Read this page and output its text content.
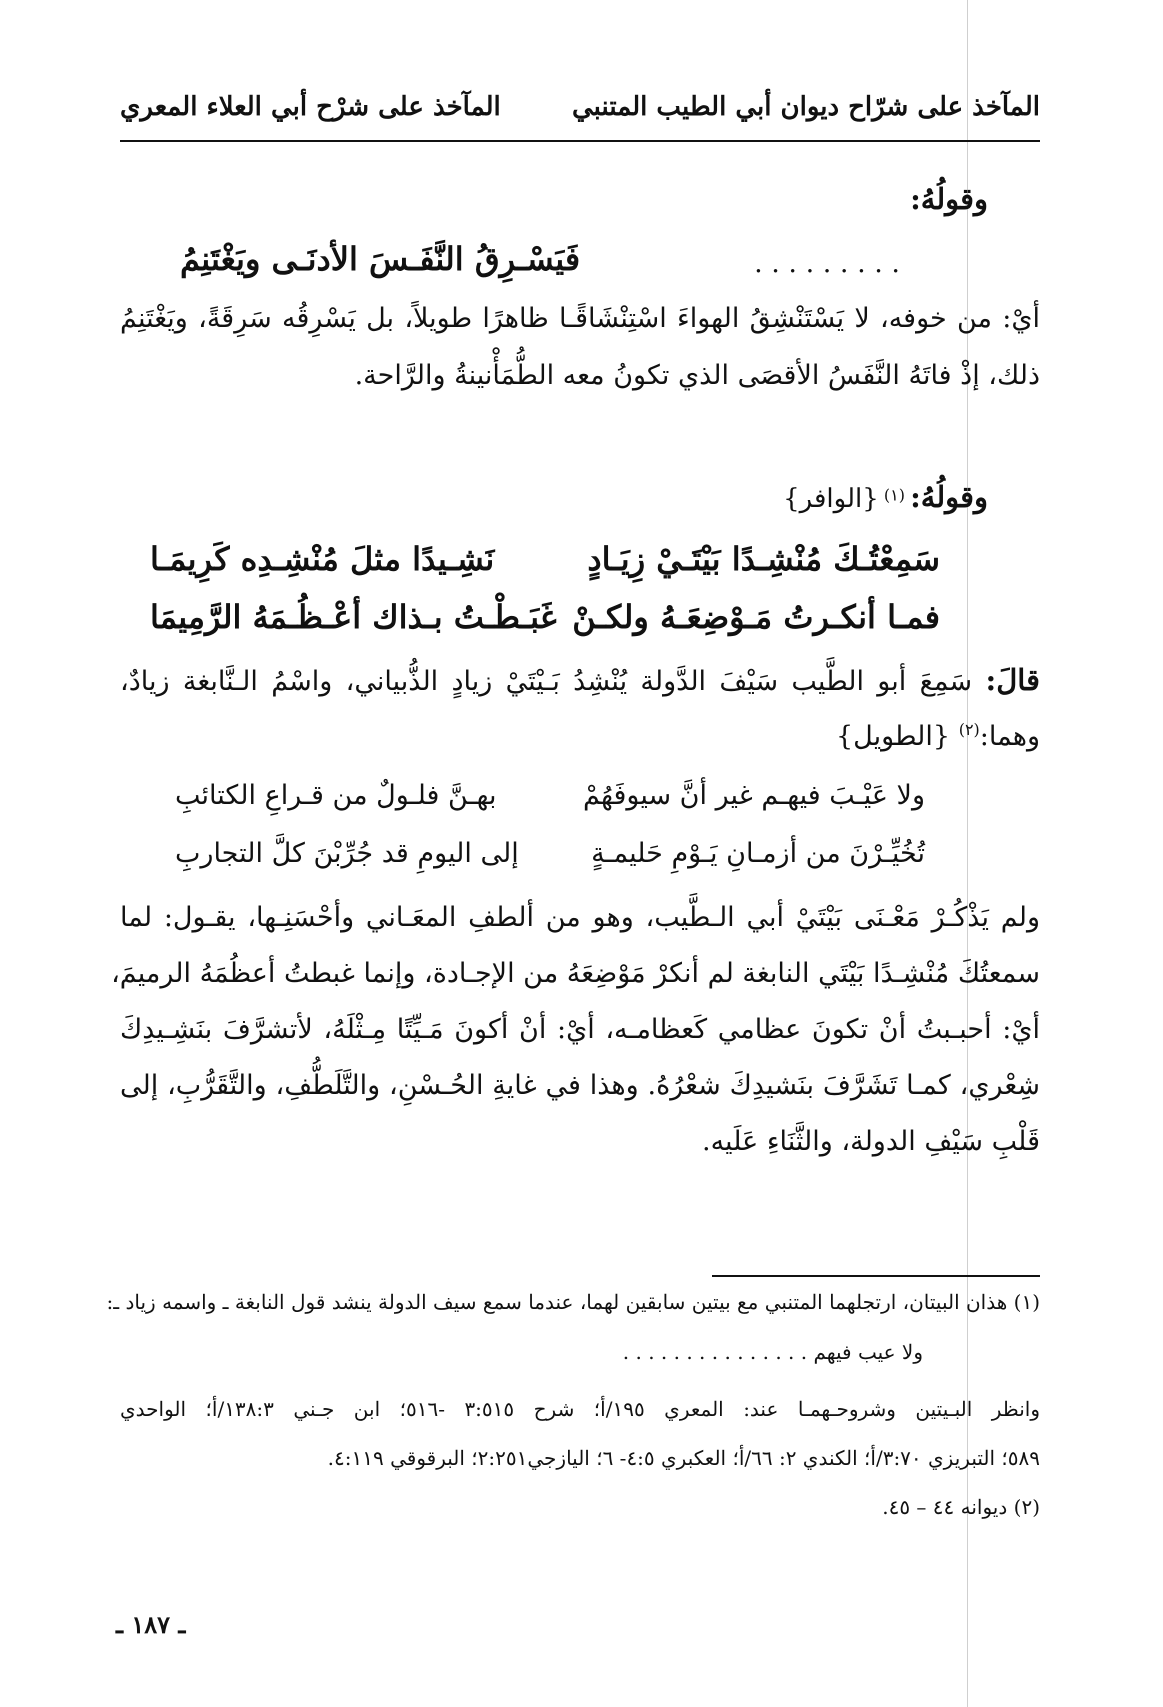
المآخذ على شرّاح ديوان أبي الطيب المتنبي
المآخذ على شرْح أبي العلاء المعري
وقولُهُ:
فَيَسْـرِقُ النَّفَـسَ الأدنَـى ويَغْتَنِمُ	. . . . . . . . .
أيْ: من خوفه، لا يَسْتَنْشِقُ الهواءَ اسْتِنْشَاقًـا ظاهرًا طويلاً، بل يَسْرِقُه سَرِقَةً، ويَغْتَنِمُ
ذلك، إذْ فاتَهُ النَّفَسُ الأقصَى الذي تكونُ معه الطُّمَأْنينةُ والرَّاحة.
وقولُهُ: $^{(١)}$ {الوافر}
سَمِعْتُـكَ مُنْشِـدًا بَيْتَـيْ زِيَـادٍ
نَشِـيدًا مثلَ مُنْشِـدِه كَرِيمَـا
فمـا أنكـرتُ مَـوْضِعَـهُ ولكـنْ
غَبَـطْـتُ بـذاك أعْـظُـمَهُ الرَّمِيمَا
قالَ: سَمِعَ أبو الطَّيب سَيْفَ الدَّولة يُنْشِدُ بَـيْتَيْ زيادٍ الذُّبياني، واسْمُ الـنَّابغة زيادٌ،
وهما:$^{(٢)}$ {الطويل}
ولا عَيْـبَ فيهـم غير أنَّ سيوفَهُمْ
بهـنَّ فلـولٌ من قـراعِ الكتائبِ
تُخُيِّـرْنَ من أزمـانِ يَـوْمِ حَليمـةٍ
إلى اليومِ قد جُرِّبْنَ كلَّ التجاربِ
ولم يَذْكُـرْ مَعْـنَى بَيْتَيْ أبي الـطَّيب، وهو من ألطفِ المعَـاني وأحْسَنِـها، يقـول: لما
سمعتُكَ مُنْشِـدًا بَيْتَي النابغة لم أنكرْ مَوْضِعَهُ من الإجـادة، وإنما غبطتُ أعظُمَهُ الرميمَ،
أيْ: أحبـبتُ أنْ تكونَ عظامي كَعظامـه، أيْ: أنْ أكونَ مَـيِّتًا مِـثْلَهُ، لأتشرَّفَ بنَشِـيدِكَ
شِعْري، كمـا تَشَرَّفَ بنَشيدِكَ شعْرُهُ. وهذا في غايةِ الحُـسْنِ، والتَّلَطُّفِ، والتَّقَرُّبِ، إلى
قَلْبِ سَيْفِ الدولة، والثَّنَاءِ عَلَيه.
(١) هذان البيتان، ارتجلهما المتنبي مع بيتين سابقين لهما، عندما سمع سيف الدولة ينشد قول النابغة ـ واسمه زياد ـ:
ولا عيب فيهم . . . . . . . . . . . . . . .
وانظر البـيتين وشروحـهمـا عند: المعري ١٩٥/أ؛ شرح ٣:٥١٥ -٥١٦؛ ابن جـني ١٣٨:٣/أ؛ الواحدي
٥٨٩؛ التبريزي ٣:٧٠/أ؛ الكندي ٢: ٦٦/أ؛ العكبري ٤:٥- ٦؛ اليازجي٢:٢٥١؛ البرقوقي ٤:١١٩.
(٢) ديوانه ٤٤ – ٤٥.
ـ ١٨٧ ـ
